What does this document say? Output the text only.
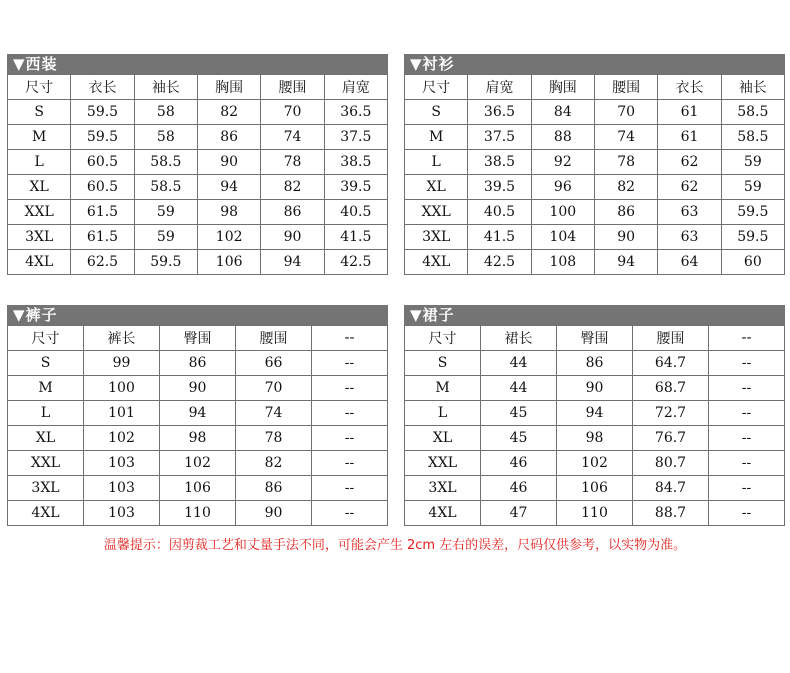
▼西装
尺寸	衣长	袖长	胸围	腰围	肩宽
S	59.5	58	82	70	36.5
M	59.5	58	86	74	37.5
L	60.5	58.5	90	78	38.5
XL	60.5	58.5	94	82	39.5
XXL	61.5	59	98	86	40.5
3XL	61.5	59	102	90	41.5
4XL	62.5	59.5	106	94	42.5
▼衬衫
尺寸	肩宽	胸围	腰围	衣长	袖长
S	36.5	84	70	61	58.5
M	37.5	88	74	61	58.5
L	38.5	92	78	62	59
XL	39.5	96	82	62	59
XXL	40.5	100	86	63	59.5
3XL	41.5	104	90	63	59.5
4XL	42.5	108	94	64	60
▼裤子
尺寸	裤长	臀围	腰围	--
S	99	86	66	--
M	100	90	70	--
L	101	94	74	--
XL	102	98	78	--
XXL	103	102	82	--
3XL	103	106	86	--
4XL	103	110	90	--
▼裙子
尺寸	裙长	臀围	腰围	--
S	44	86	64.7	--
M	44	90	68.7	--
L	45	94	72.7	--
XL	45	98	76.7	--
XXL	46	102	80.7	--
3XL	46	106	84.7	--
4XL	47	110	88.7	--
温馨提示：因剪裁工艺和丈量手法不同，可能会产生 2cm 左右的误差，尺码仅供参考，以实物为准。
